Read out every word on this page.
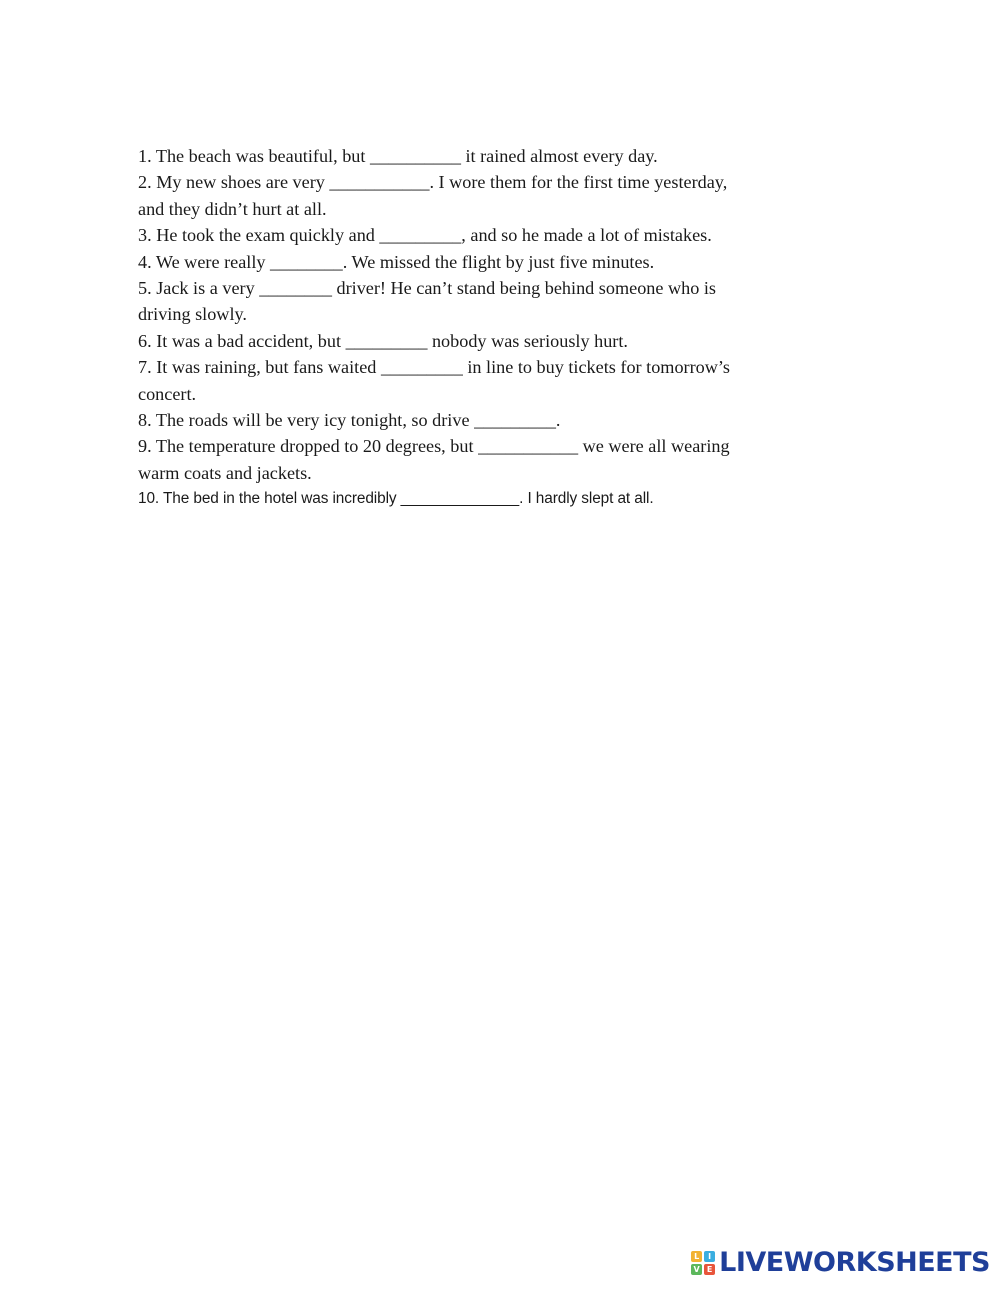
1. The beach was beautiful, but __________ it rained almost every day.

2. My new shoes are very ___________. I wore them for the first time yesterday,

and they didn’t hurt at all.

3. He took the exam quickly and _________, and so he made a lot of mistakes.

4. We were really ________. We missed the flight by just five minutes.

5. Jack is a very ________ driver! He can’t stand being behind someone who is

driving slowly.

6. It was a bad accident, but _________ nobody was seriously hurt.

7. It was raining, but fans waited _________ in line to buy tickets for tomorrow’s

concert.

8. The roads will be very icy tonight, so drive _________.

9. The temperature dropped to 20 degrees, but ___________ we were all wearing

warm coats and jackets.

10. The bed in the hotel was incredibly ______________. I hardly slept at all.

L	I
V E LIVEWORKSHEETS
